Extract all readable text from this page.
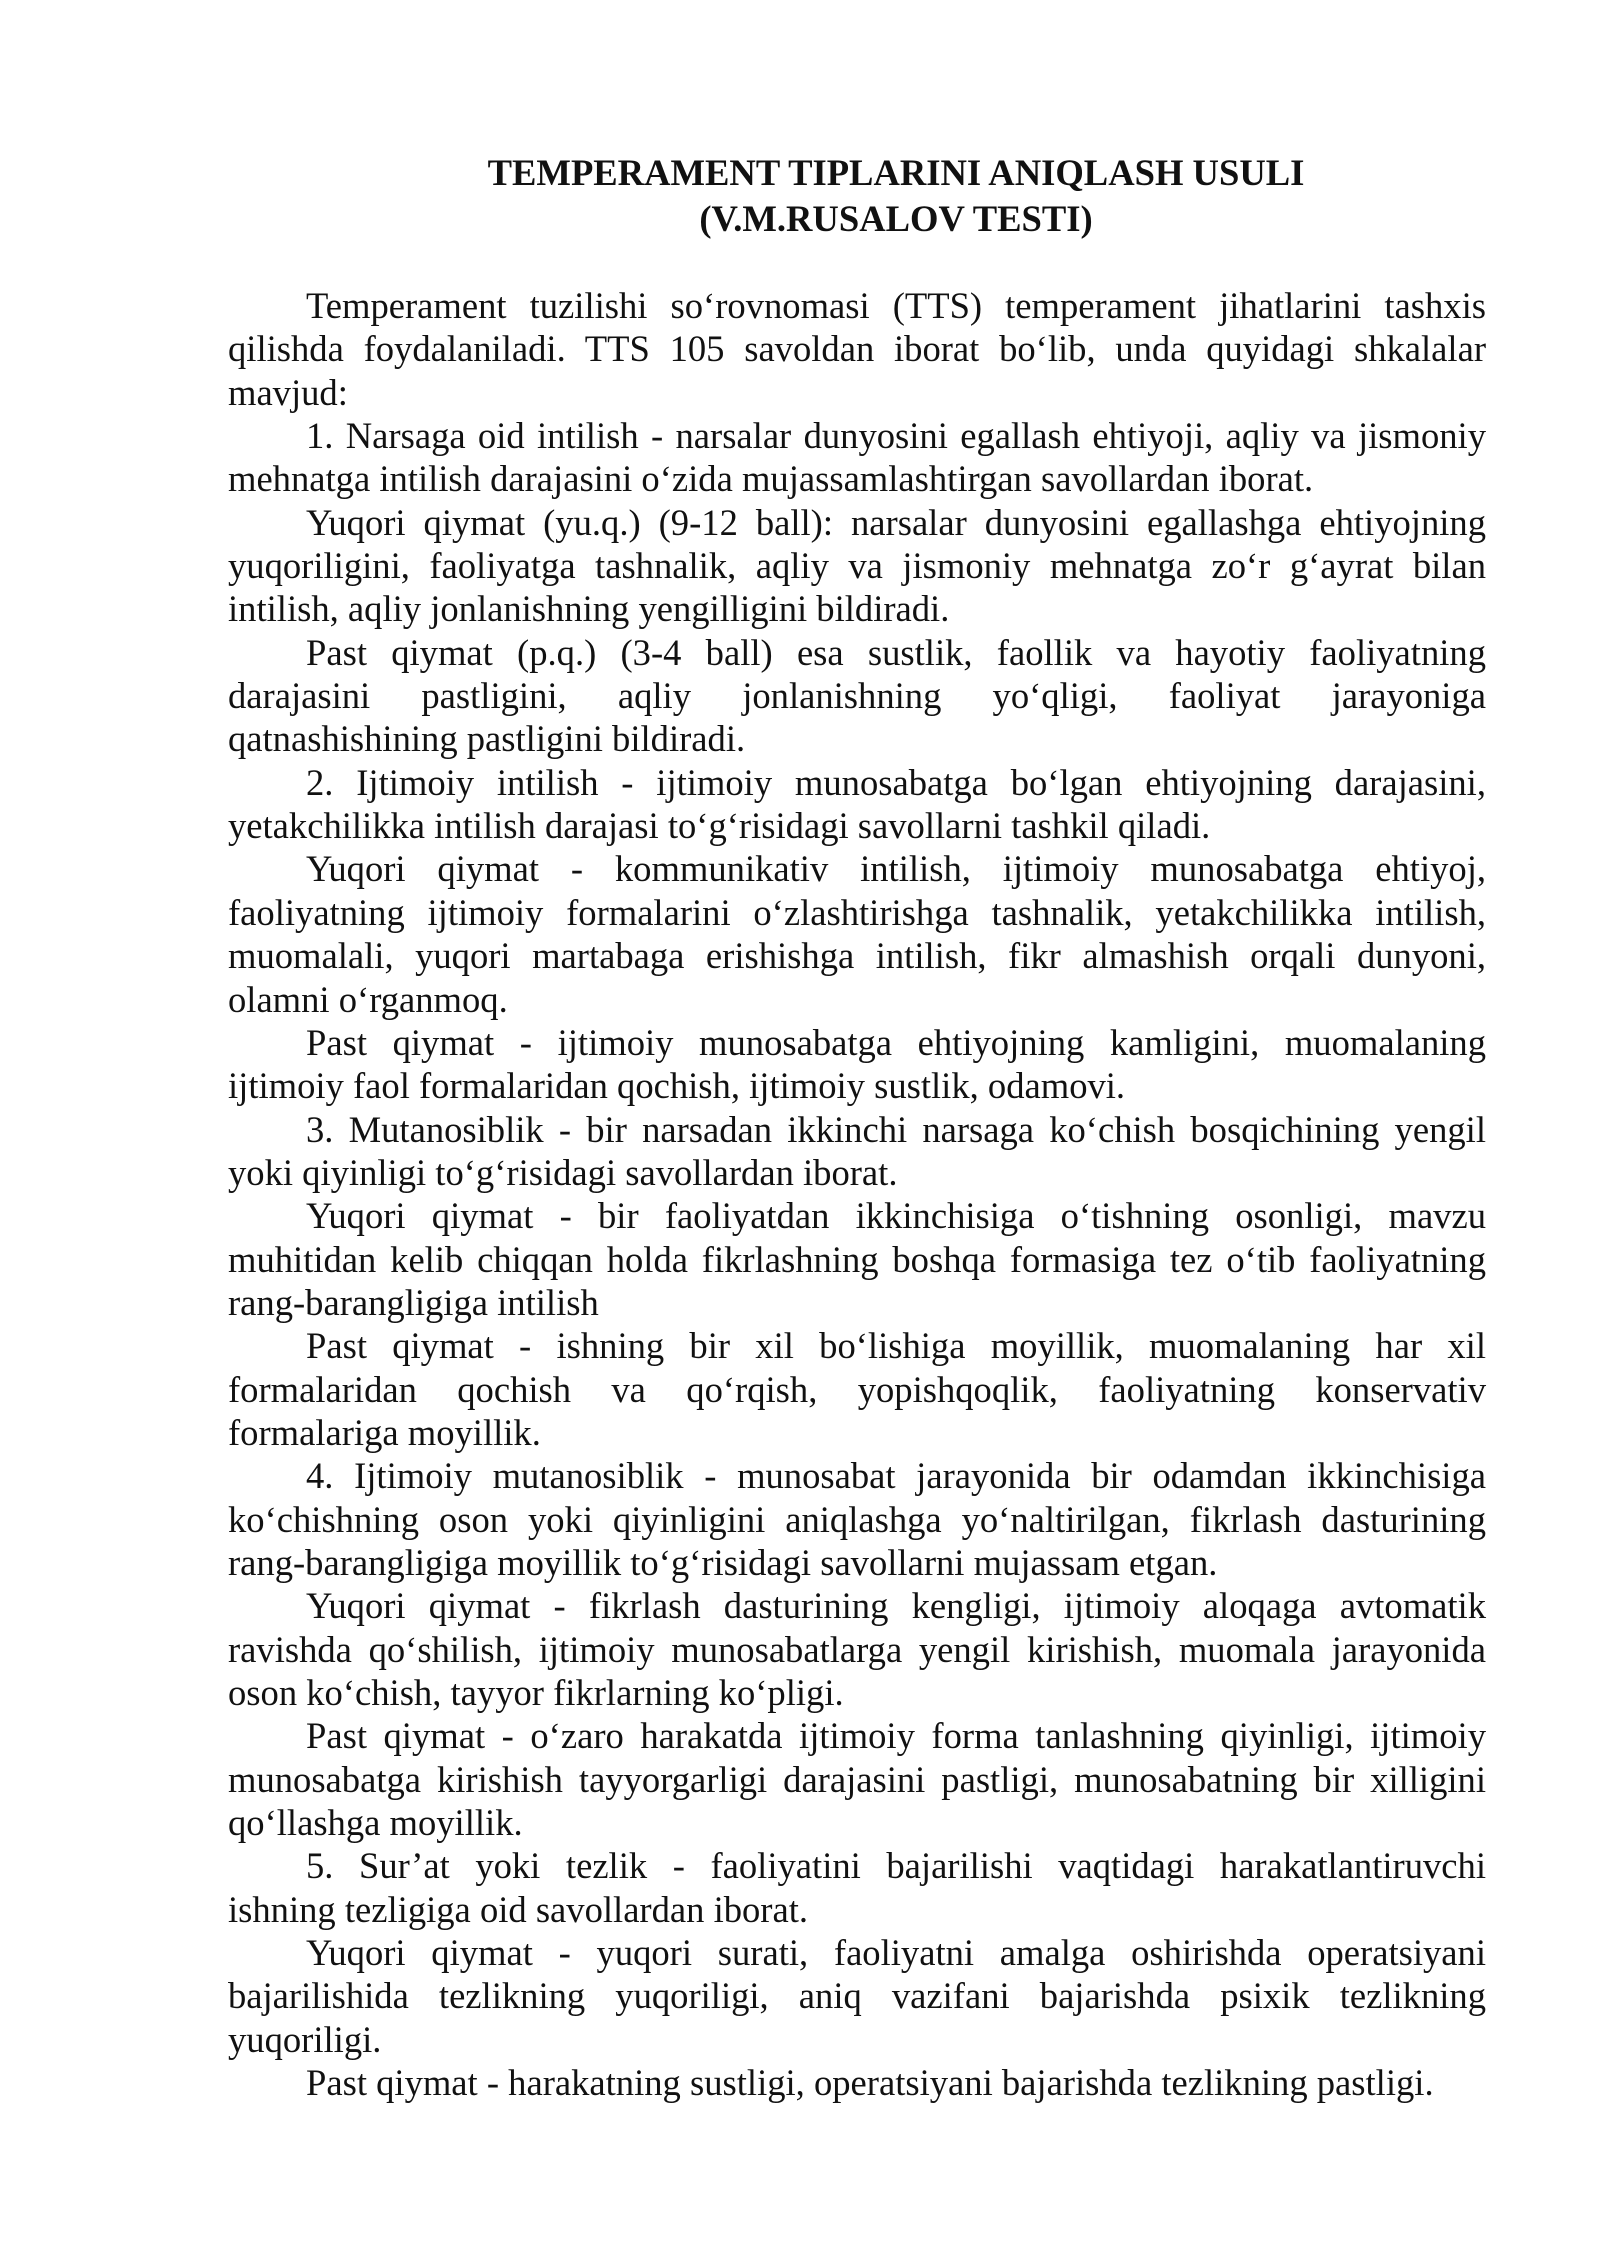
TEMPERAMENT TIPLARINI ANIQLASH USULI
(V.M.RUSALOV TESTI)
Temperament tuzilishi so‘rovnomasi (TTS) temperament jihatlarini tashxis
qilishda foydalaniladi. TTS 105 savoldan iborat bo‘lib, unda quyidagi shkalalar
mavjud:
1. Narsaga oid intilish - narsalar dunyosini egallash ehtiyoji, aqliy va jismoniy
mehnatga intilish darajasini o‘zida mujassamlashtirgan savollardan iborat.
Yuqori qiymat (yu.q.) (9-12 ball): narsalar dunyosini egallashga ehtiyojning
yuqoriligini, faoliyatga tashnalik, aqliy va jismoniy mehnatga zo‘r g‘ayrat bilan
intilish, aqliy jonlanishning yengilligini bildiradi.
Past qiymat (p.q.) (3-4 ball) esa sustlik, faollik va hayotiy faoliyatning
darajasini pastligini, aqliy jonlanishning yo‘qligi, faoliyat jarayoniga
qatnashishining pastligini bildiradi.
2. Ijtimoiy intilish - ijtimoiy munosabatga bo‘lgan ehtiyojning darajasini,
yetakchilikka intilish darajasi to‘g‘risidagi savollarni tashkil qiladi.
Yuqori qiymat - kommunikativ intilish, ijtimoiy munosabatga ehtiyoj,
faoliyatning ijtimoiy formalarini o‘zlashtirishga tashnalik, yetakchilikka intilish,
muomalali, yuqori martabaga erishishga intilish, fikr almashish orqali dunyoni,
olamni o‘rganmoq.
Past qiymat - ijtimoiy munosabatga ehtiyojning kamligini, muomalaning
ijtimoiy faol formalaridan qochish, ijtimoiy sustlik, odamovi.
3. Mutanosiblik - bir narsadan ikkinchi narsaga ko‘chish bosqichining yengil
yoki qiyinligi to‘g‘risidagi savollardan iborat.
Yuqori qiymat - bir faoliyatdan ikkinchisiga o‘tishning osonligi, mavzu
muhitidan kelib chiqqan holda fikrlashning boshqa formasiga tez o‘tib faoliyatning
rang-barangligiga intilish
Past qiymat - ishning bir xil bo‘lishiga moyillik, muomalaning har xil
formalaridan qochish va qo‘rqish, yopishqoqlik, faoliyatning konservativ
formalariga moyillik.
4. Ijtimoiy mutanosiblik - munosabat jarayonida bir odamdan ikkinchisiga
ko‘chishning oson yoki qiyinligini aniqlashga yo‘naltirilgan, fikrlash dasturining
rang-barangligiga moyillik to‘g‘risidagi savollarni mujassam etgan.
Yuqori qiymat - fikrlash dasturining kengligi, ijtimoiy aloqaga avtomatik
ravishda qo‘shilish, ijtimoiy munosabatlarga yengil kirishish, muomala jarayonida
oson ko‘chish, tayyor fikrlarning ko‘pligi.
Past qiymat - o‘zaro harakatda ijtimoiy forma tanlashning qiyinligi, ijtimoiy
munosabatga kirishish tayyorgarligi darajasini pastligi, munosabatning bir xilligini
qo‘llashga moyillik.
5. Sur’at yoki tezlik - faoliyatini bajarilishi vaqtidagi harakatlantiruvchi
ishning tezligiga oid savollardan iborat.
Yuqori qiymat - yuqori surati, faoliyatni amalga oshirishda operatsiyani
bajarilishida tezlikning yuqoriligi, aniq vazifani bajarishda psixik tezlikning
yuqoriligi.
Past qiymat - harakatning sustligi, operatsiyani bajarishda tezlikning pastligi.
